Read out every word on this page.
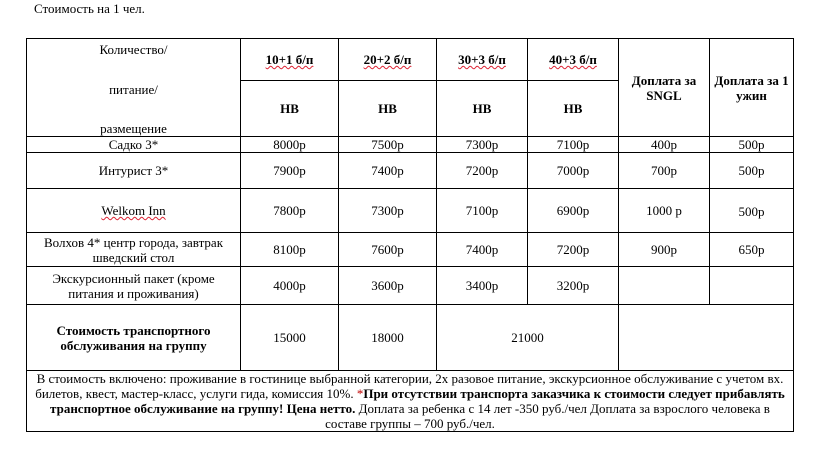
Стоимость на 1 чел.
Количество/
питание/
размещение	10+1 б/п	20+2 б/п	30+3 б/п	40+3 б/п	Доплата за SNGL	Доплата за 1 ужин
	НВ	НВ	НВ	НВ		
Садко 3*	8000р	7500р	7300р	7100р	400р	500р
Интурист 3*	7900р	7400р	7200р	7000р	700р	500р
Welkom Inn	7800р	7300р	7100р	6900р	1000 р	500р
Волхов 4* центр города, завтрак шведский стол	8100р	7600р	7400р	7200р	900р	650р
Экскурсионный пакет (кроме питания и проживания)	4000р	3600р	3400р	3200р		
Стоимость транспортного обслуживания на группу	15000	18000	21000			
В стоимость включено: проживание в гостинице выбранной категории, 2х разовое питание, экскурсионное обслуживание с учетом вх. билетов, квест, мастер-класс, услуги гида, комиссия 10%. *При отсутствии транспорта заказчика к стоимости следует прибавлять транспортное обслуживание на группу! Цена нетто. Доплата за ребенка с 14 лет -350 руб./чел Доплата за взрослого человека в составе группы – 700 руб./чел.						
